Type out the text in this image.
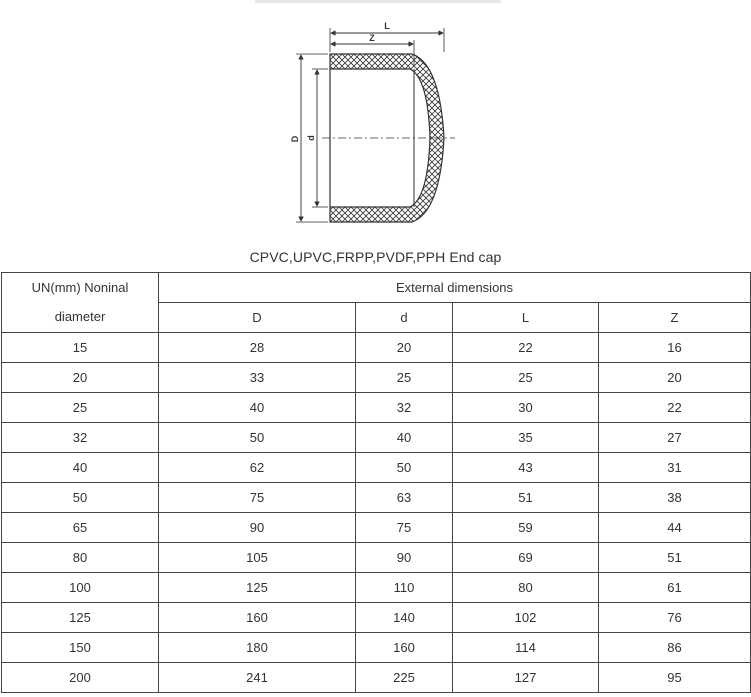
L
Z
D d
CPVC,UPVC,FRPP,PVDF,PPH End cap
UN(mm) Noninal
diameter	External dimensions			
	D	d	L	Z
15	28	20	22	16
20	33	25	25	20
25	40	32	30	22
32	50	40	35	27
40	62	50	43	31
50	75	63	51	38
65	90	75	59	44
80	105	90	69	51
100	125	110	80	61
125	160	140	102	76
150	180	160	114	86
200	241	225	127	95
